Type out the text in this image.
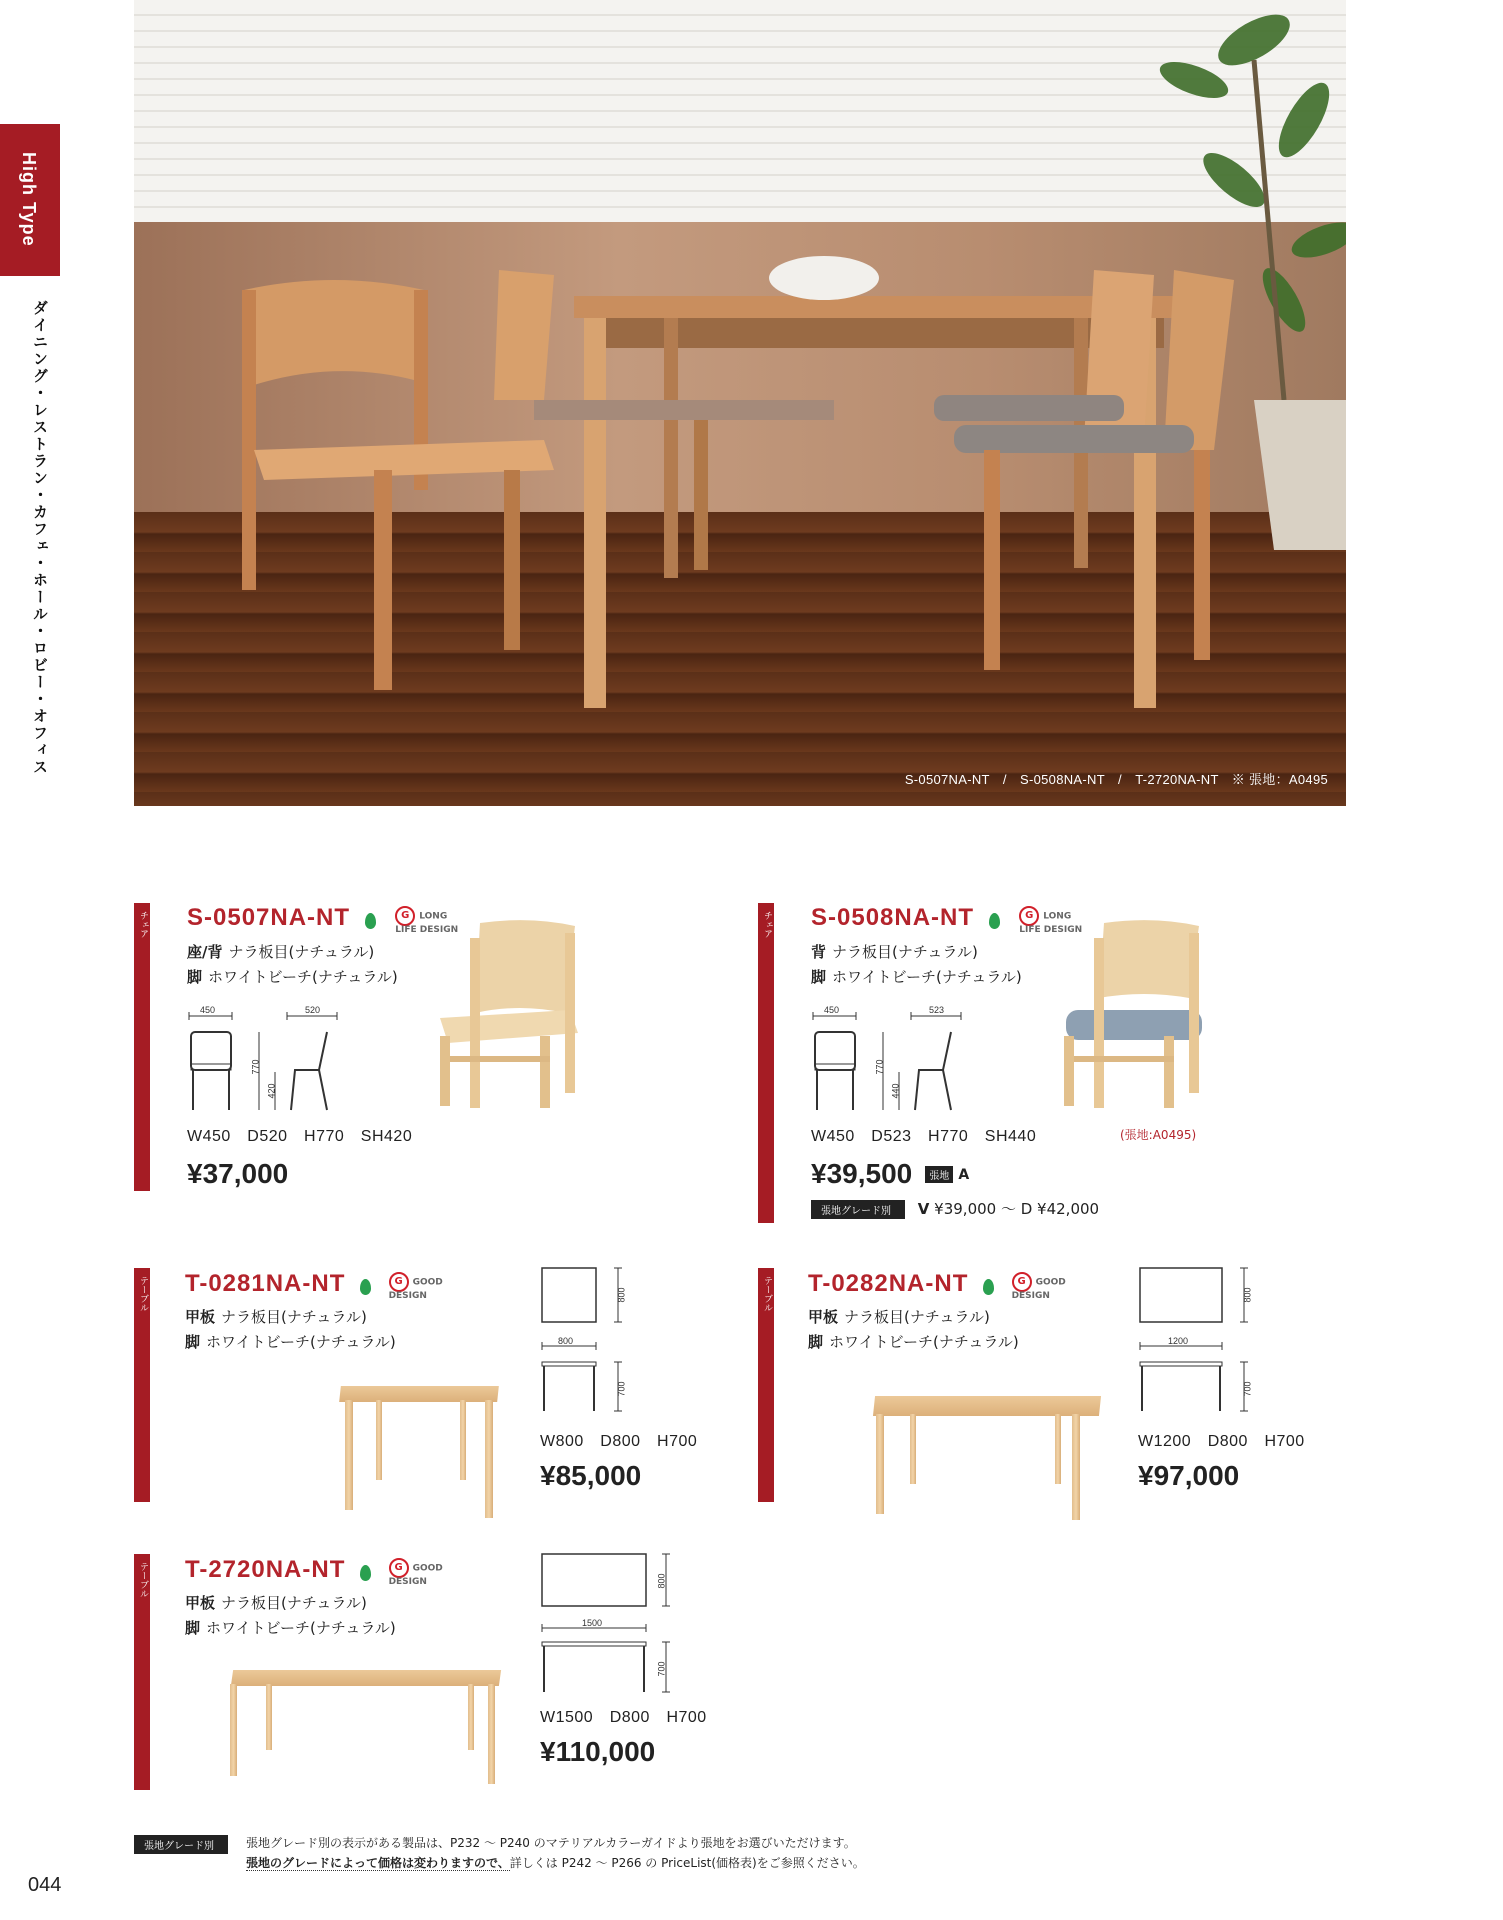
High Type
ダイニング・レストラン・カフェ・ホール・ロビー・オフィス
S-0507NA-NT　/　S-0508NA-NT　/　T-2720NA-NT　※ 張地：A0495
チェア S-0507NA-NT	G LONG LIFE DESIGN
座/背 ナラ板目(ナチュラル)
脚 ホワイトビーチ(ナチュラル)
450	520
770
420
W450　D520　H770　SH420
¥37,000
チェア S-0508NA-NT	G LONG LIFE DESIGN
背 ナラ板目(ナチュラル)
脚 ホワイトビーチ(ナチュラル)
450	523
770
440
W450　D523　H770　SH440	(張地:A0495)
¥39,500 張地 A
張地グレード別 V ¥39,000 ～ D ¥42,000
テーブル T-0281NA-NT	G GOOD DESIGN
甲板 ナラ板目(ナチュラル)
脚 ホワイトビーチ(ナチュラル)
800
800
700
W800　D800　H700
¥85,000
テーブル T-0282NA-NT	G GOOD DESIGN
甲板 ナラ板目(ナチュラル)
脚 ホワイトビーチ(ナチュラル)
800
1200
700
W1200　D800　H700
¥97,000
テーブル T-2720NA-NT	G GOOD DESIGN
甲板 ナラ板目(ナチュラル)
脚 ホワイトビーチ(ナチュラル)
800
1500
700
W1500　D800　H700
¥110,000
張地グレード別	張地グレード別の表示がある製品は、P232 ～ P240 のマテリアルカラーガイドより張地をお選びいただけます。
張地のグレードによって価格は変わりますので、詳しくは P242 ～ P266 の PriceList(価格表)をご参照ください。
044
